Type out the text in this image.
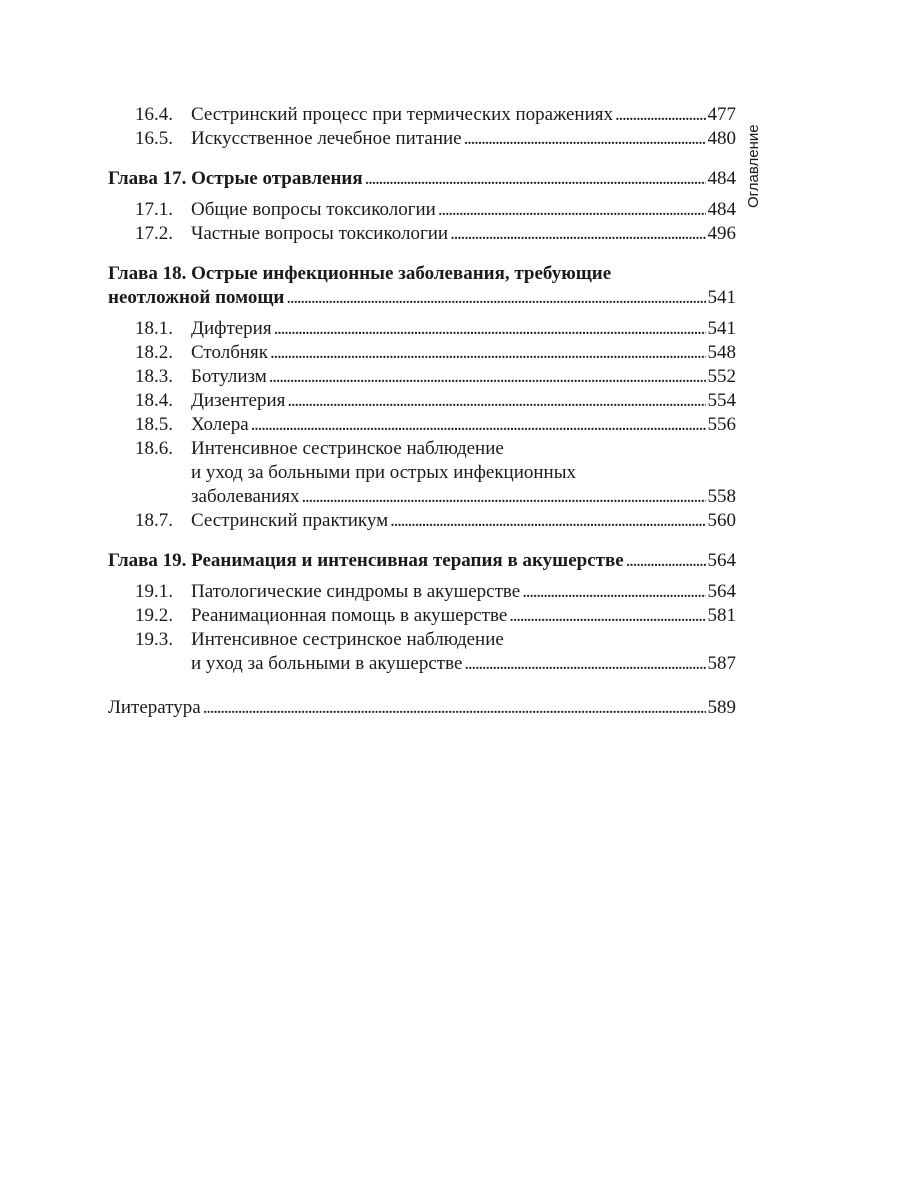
Оглавление
16.4. Сестринский процесс при термических поражениях . . .	477
16.5. Искусственное лечебное питание . . .	480
Глава 17. Острые отравления . . .	484
17.1. Общие вопросы токсикологии . . .	484
17.2. Частные вопросы токсикологии . . .	496
Глава 18. Острые инфекционные заболевания, требующие
неотложной помощи . . .	541
18.1. Дифтерия . . .	541
18.2. Столбняк . . .	548
18.3. Ботулизм . . .	552
18.4. Дизентерия . . .	554
18.5. Холера . . .	556
18.6. Интенсивное сестринское наблюдение
и уход за больными при острых инфекционных
заболеваниях . . .	558
18.7. Сестринский практикум . . .	560
Глава 19. Реанимация и интенсивная терапия в акушерстве . . .	564
19.1. Патологические синдромы в акушерстве . . .	564
19.2. Реанимационная помощь в акушерстве . . .	581
19.3. Интенсивное сестринское наблюдение
и уход за больными в акушерстве . . .	587
Литература . . .	589
